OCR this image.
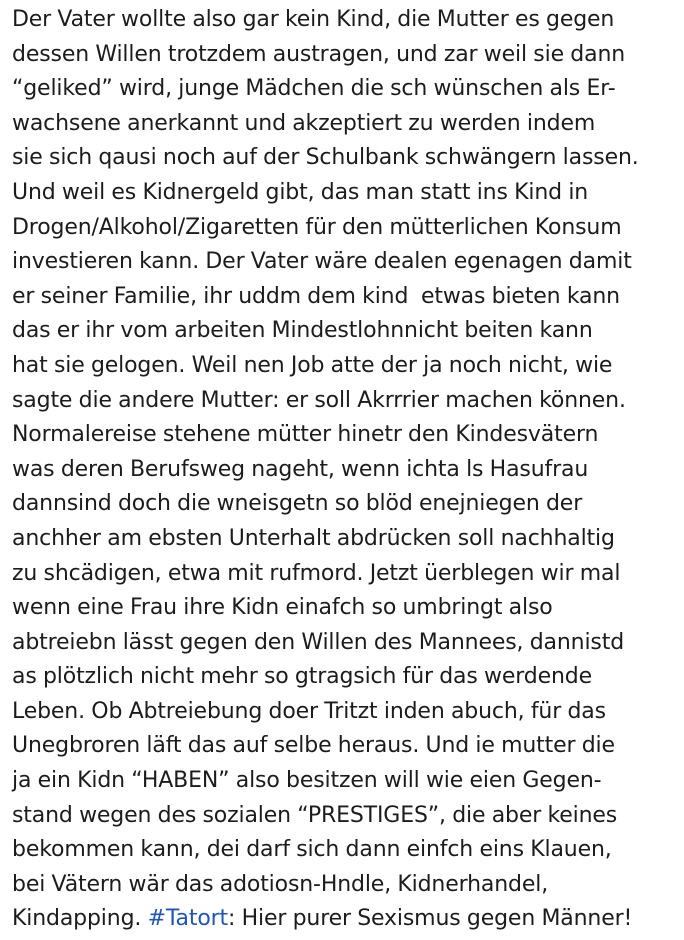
Der Vater wollte also gar kein Kind, die Mutter es gegen
dessen Willen trotzdem austragen, und zar weil sie dann
“geliked” wird, junge Mädchen die sch wünschen als Er-
wachsene anerkannt und akzeptiert zu werden indem
sie sich qausi noch auf der Schulbank schwängern lassen.
Und weil es Kidnergeld gibt, das man statt ins Kind in
Drogen/Alkohol/Zigaretten für den mütterlichen Konsum
investieren kann. Der Vater wäre dealen egenagen damit
er seiner Familie, ihr uddm dem kind  etwas bieten kann
das er ihr vom arbeiten Mindestlohnnicht beiten kann
hat sie gelogen. Weil nen Job atte der ja noch nicht, wie
sagte die andere Mutter: er soll Akrrrier machen können.
Normalereise stehene mütter hinetr den Kindesvätern
was deren Berufsweg nageht, wenn ichta ls Hasufrau
dannsind doch die wneisgetn so blöd enejniegen der
anchher am ebsten Unterhalt abdrücken soll nachhaltig
zu shcädigen, etwa mit rufmord. Jetzt üerblegen wir mal
wenn eine Frau ihre Kidn einafch so umbringt also
abtreiebn lässt gegen den Willen des Mannees, dannistd
as plötzlich nicht mehr so gtragsich für das werdende
Leben. Ob Abtreiebung doer Tritzt inden abuch, für das
Unegbroren läft das auf selbe heraus. Und ie mutter die
ja ein Kidn “HABEN” also besitzen will wie eien Gegen-
stand wegen des sozialen “PRESTIGES”, die aber keines
bekommen kann, dei darf sich dann einfch eins Klauen,
bei Vätern wär das adotiosn-Hndle, Kidnerhandel,
Kindapping. #Tatort: Hier purer Sexismus gegen Männer!
